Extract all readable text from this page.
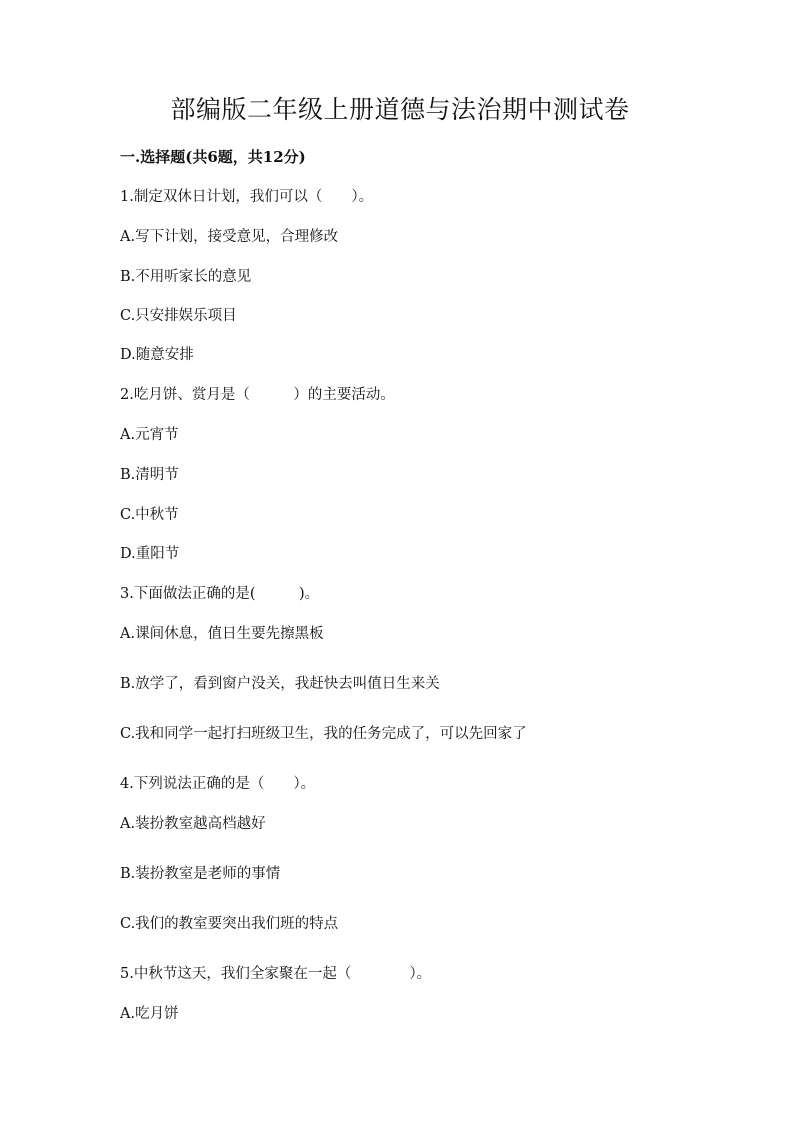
部编版二年级上册道德与法治期中测试卷
一.选择题(共6题，共12分)
1.制定双休日计划，我们可以（　　）。
A.写下计划，接受意见，合理修改
B.不用听家长的意见
C.只安排娱乐项目
D.随意安排
2.吃月饼、赏月是（　　　）的主要活动。
A.元宵节
B.清明节
C.中秋节
D.重阳节
3.下面做法正确的是(　　　)。
A.课间休息，值日生要先擦黑板
B.放学了，看到窗户没关，我赶快去叫值日生来关
C.我和同学一起打扫班级卫生，我的任务完成了，可以先回家了
4.下列说法正确的是（　　）。
A.装扮教室越高档越好
B.装扮教室是老师的事情
C.我们的教室要突出我们班的特点
5.中秋节这天，我们全家聚在一起（　　　　）。
A.吃月饼
